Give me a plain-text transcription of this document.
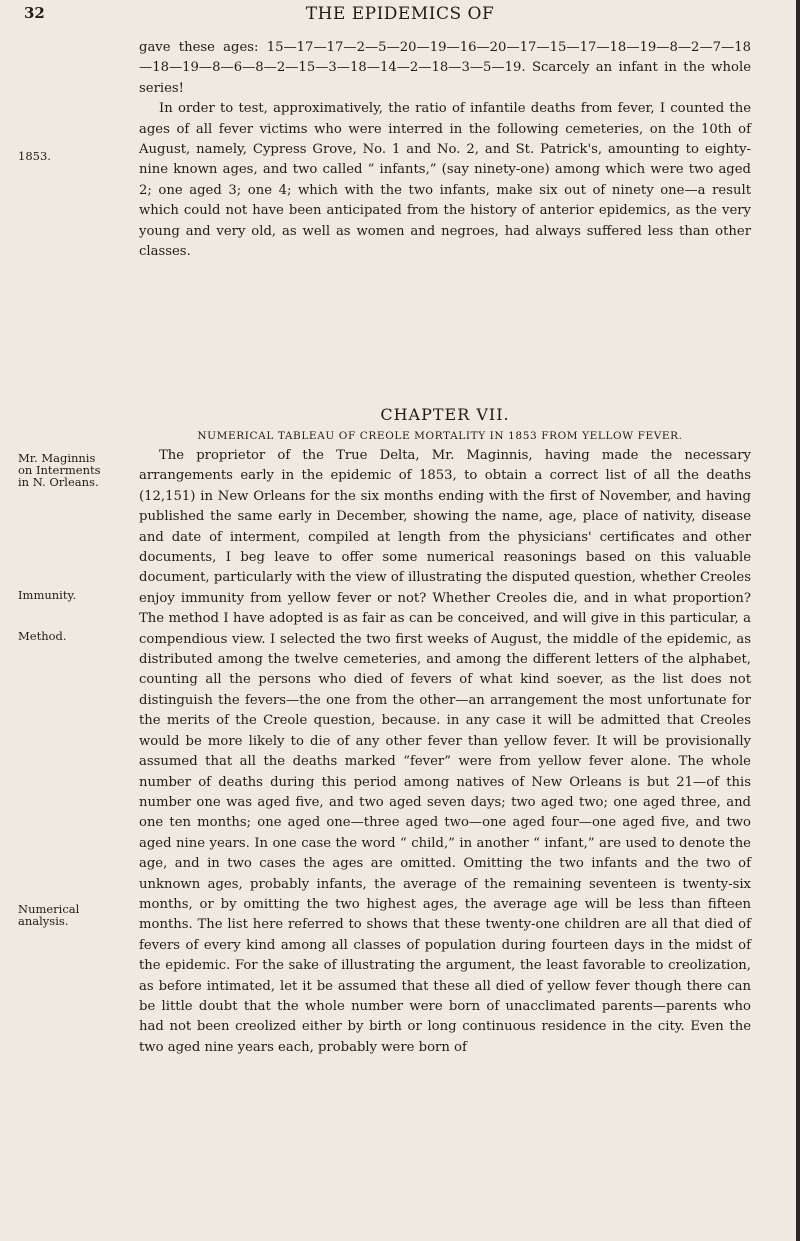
32	THE EPIDEMICS OF
1853.

gave these ages: 15—17—17—2—5—20—19—16—20—17—15—17—18—19—8—2—7—18—18—19—8—6—8—2—15—3—18—14—2—18—3—5—19. Scarcely an infant in the whole series!

In order to test, approximatively, the ratio of infantile deaths from fever, I counted the ages of all fever victims who were interred in the following cemeteries, on the 10th of August, namely, Cypress Grove, No. 1 and No. 2, and St. Patrick's, amounting to eighty-nine known ages, and two called “ infants,” (say ninety-one) among which were two aged 2; one aged 3; one 4; which with the two infants, make six out of ninety one—a result which could not have been anticipated from the history of anterior epidemics, as the very young and very old, as well as women and negroes, had always suffered less than other classes.

CHAPTER VII.
NUMERICAL TABLEAU OF CREOLE MORTALITY IN 1853 FROM YELLOW FEVER.
Mr. Maginnis
on Interments
in N. Orleans.
Immunity.
Method.
Numerical
analysis.

The proprietor of the True Delta, Mr. Maginnis, having made the necessary arrangements early in the epidemic of 1853, to obtain a correct list of all the deaths (12,151) in New Orleans for the six months ending with the first of November, and having published the same early in December, showing the name, age, place of nativity, disease and date of interment, compiled at length from the physicians' certificates and other documents, I beg leave to offer some numerical reasonings based on this valuable document, particularly with the view of illustrating the disputed question, whether Creoles enjoy immunity from yellow fever or not? Whether Creoles die, and in what proportion? The method I have adopted is as fair as can be conceived, and will give in this particular, a compendious view. I selected the two first weeks of August, the middle of the epidemic, as distributed among the twelve cemeteries, and among the different letters of the alphabet, counting all the persons who died of fevers of what kind soever, as the list does not distinguish the fevers—the one from the other—an arrangement the most unfortunate for the merits of the Creole question, because. in any case it will be admitted that Creoles would be more likely to die of any other fever than yellow fever. It will be provisionally assumed that all the deaths marked “fever” were from yellow fever alone. The whole number of deaths during this period among natives of New Orleans is but 21—of this number one was aged five, and two aged seven days; two aged two; one aged three, and one ten months; one aged one—three aged two—one aged four—one aged five, and two aged nine years. In one case the word “ child,” in another “ infant,” are used to denote the age, and in two cases the ages are omitted. Omitting the two infants and the two of unknown ages, probably infants, the average of the remaining seventeen is twenty-six months, or by omitting the two highest ages, the average age will be less than fifteen months. The list here referred to shows that these twenty-one children are all that died of fevers of every kind among all classes of population during fourteen days in the midst of the epidemic. For the sake of illustrating the argument, the least favorable to creolization, as before intimated, let it be assumed that these all died of yellow fever though there can be little doubt that the whole number were born of unacclimated parents—parents who had not been creolized either by birth or long continuous residence in the city. Even the two aged nine years each, probably were born of
